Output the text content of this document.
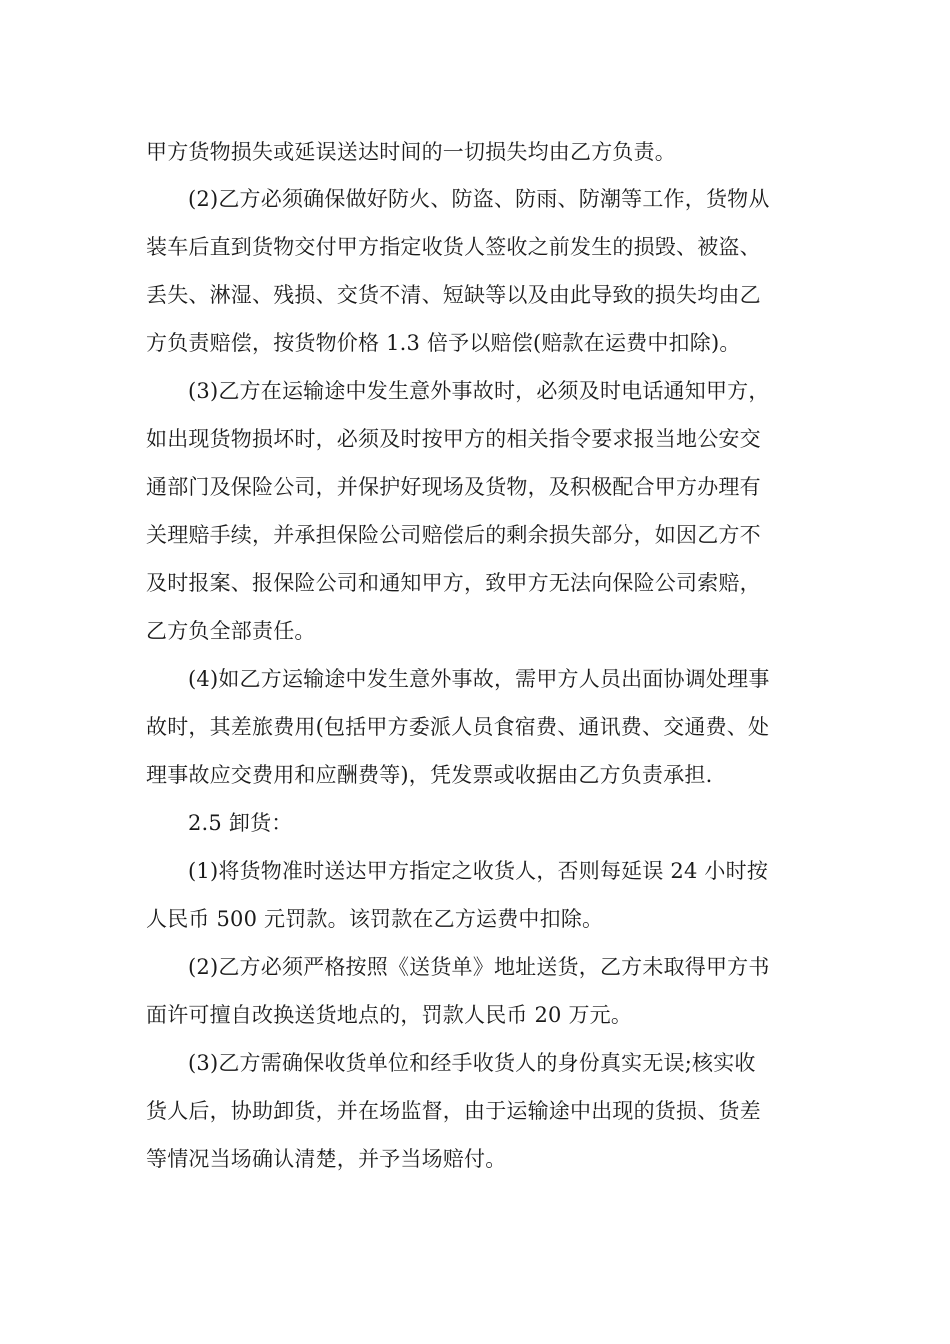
甲方货物损失或延误送达时间的一切损失均由乙方负责。
(2)乙方必须确保做好防火、防盗、防雨、防潮等工作，货物从
装车后直到货物交付甲方指定收货人签收之前发生的损毁、被盗、
丢失、淋湿、残损、交货不清、短缺等以及由此导致的损失均由乙
方负责赔偿，按货物价格 1.3 倍予以赔偿(赔款在运费中扣除)。
(3)乙方在运输途中发生意外事故时，必须及时电话通知甲方，
如出现货物损坏时，必须及时按甲方的相关指令要求报当地公安交
通部门及保险公司，并保护好现场及货物，及积极配合甲方办理有
关理赔手续，并承担保险公司赔偿后的剩余损失部分，如因乙方不
及时报案、报保险公司和通知甲方，致甲方无法向保险公司索赔，
乙方负全部责任。
(4)如乙方运输途中发生意外事故，需甲方人员出面协调处理事
故时，其差旅费用(包括甲方委派人员食宿费、通讯费、交通费、处
理事故应交费用和应酬费等)，凭发票或收据由乙方负责承担.
2.5 卸货：
(1)将货物准时送达甲方指定之收货人，否则每延误 24 小时按
人民币 500 元罚款。该罚款在乙方运费中扣除。
(2)乙方必须严格按照《送货单》地址送货，乙方未取得甲方书
面许可擅自改换送货地点的，罚款人民币 20 万元。
(3)乙方需确保收货单位和经手收货人的身份真实无误;核实收
货人后，协助卸货，并在场监督，由于运输途中出现的货损、货差
等情况当场确认清楚，并予当场赔付。
